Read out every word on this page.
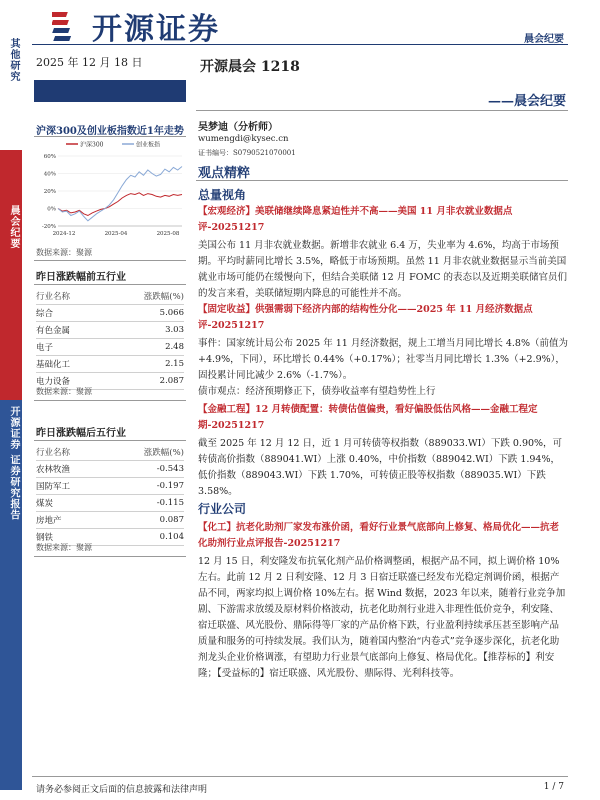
开源证券	晨会纪要
其他研究
晨会纪要
开源证券 证券研究报告
2025 年 12 月 18 日
沪深300及创业板指数近1年走势
沪深300	创业板指
60%
40%
20%
0%
-20%
2024-12	2025-04	2025-08
数据来源：聚源
昨日涨跌幅前五行业
行业名称	涨跌幅(%)
综合	5.066
有色金属	3.03
电子	2.48
基础化工	2.15
电力设备	2.087
数据来源：聚源
昨日涨跌幅后五行业
行业名称	涨跌幅(%)
农林牧渔	-0.543
国防军工	-0.197
煤炭	-0.115
房地产	0.087
钢铁	0.104
数据来源：聚源
开源晨会 1218
——晨会纪要
吴梦迪（分析师）
wumengdi@kysec.cn
证书编号：S0790521070001
观点精粹
总量视角
【宏观经济】美联储继续降息紧迫性并不高——美国 11 月非农就业数据点评-20251217
美国公布 11 月非农就业数据。新增非农就业 6.4 万，失业率为 4.6%，均高于市场预期。平均时薪同比增长 3.5%，略低于市场预期。虽然 11 月非农就业数据显示当前美国就业市场可能仍在缓慢向下，但结合美联储 12 月 FOMC 的表态以及近期美联储官员们的发言来看，美联储短期内降息的可能性并不高。
【固定收益】供强需弱下经济内部的结构性分化——2025 年 11 月经济数据点评-20251217
事件：国家统计局公布 2025 年 11 月经济数据，规上工增当月同比增长 4.8%（前值为+4.9%，下同），环比增长 0.44%（+0.17%）；社零当月同比增长 1.3%（+2.9%），固投累计同比减少 2.6%（-1.7%）。
债市观点：经济预期修正下，债券收益率有望趋势性上行
【金融工程】12 月转债配置：转债估值偏贵，看好偏股低估风格——金融工程定期-20251217
截至 2025 年 12 月 12 日，近 1 月可转债等权指数（889033.WI）下跌 0.90%，可转债高价指数（889041.WI）上涨 0.40%，中价指数（889042.WI）下跌 1.94%，低价指数（889043.WI）下跌 1.70%，可转债正股等权指数（889035.WI）下跌 3.58%。
行业公司
【化工】抗老化助剂厂家发布涨价函，看好行业景气底部向上修复、格局优化——抗老化助剂行业点评报告-20251217
12 月 15 日，利安隆发布抗氧化剂产品价格调整函，根据产品不同，拟上调价格 10%左右。此前 12 月 2 日利安隆、12 月 3 日宿迁联盛已经发布光稳定剂调价函，根据产品不同，两家均拟上调价格 10%左右。据 Wind 数据，2023 年以来，随着行业竞争加剧、下游需求放缓及原材料价格波动，抗老化助剂行业进入非理性低价竞争，利安隆、宿迁联盛、风光股份、鼎际得等厂家的产品价格下跌，行业盈利持续承压甚至影响产品质量和服务的可持续发展。我们认为，随着国内整治“内卷式”竞争逐步深化，抗老化助剂龙头企业价格调涨，有望助力行业景气底部向上修复、格局优化。【推荐标的】利安隆；【受益标的】宿迁联盛、风光股份、鼎际得、光利科技等。
请务必参阅正文后面的信息披露和法律声明	1 / 7
